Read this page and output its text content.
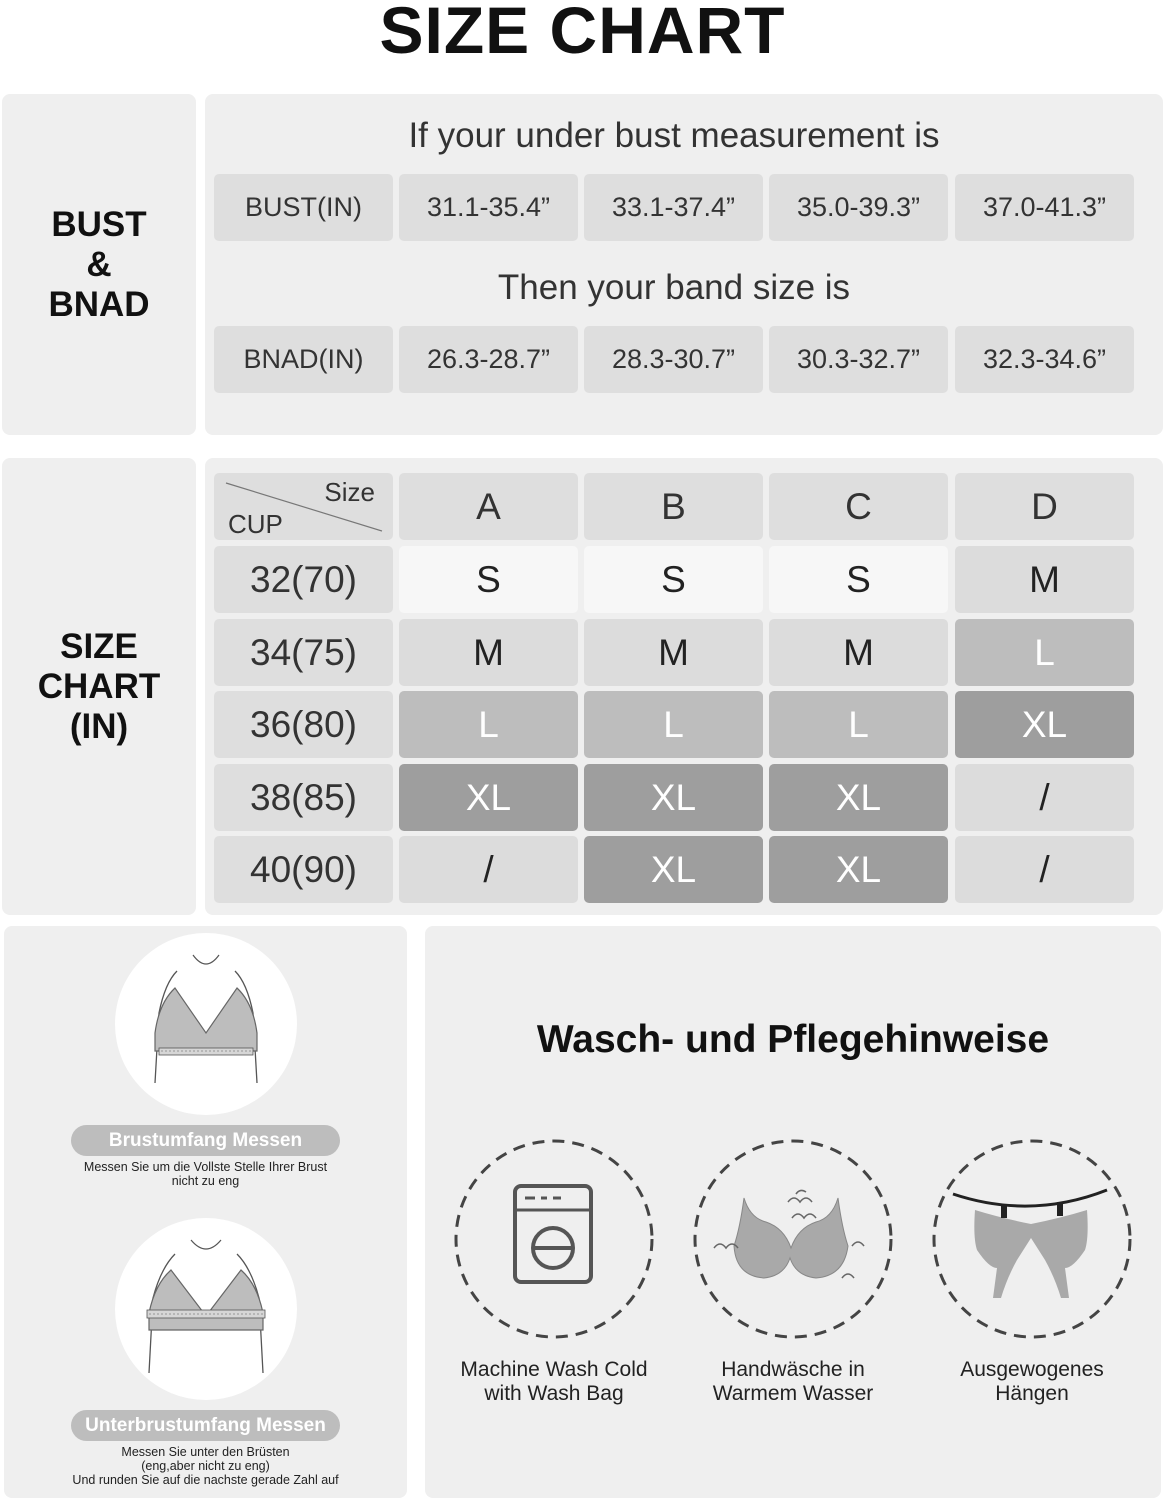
SIZE CHART
BUST
&
BNAD
If your under bust measurement is
BUST(IN)	31.1-35.4”	33.1-37.4”	35.0-39.3”	37.0-41.3”
Then your band size is
BNAD(IN)	26.3-28.7”	28.3-30.7”	30.3-32.7”	32.3-34.6”
SIZE
CHART
(IN)
Size
CUP	A	B	C	D
32(70)	S	S	S	M
34(75)	M	M	M	L
36(80)	L	L	L	XL
38(85)	XL	XL	XL	/
40(90)	/	XL	XL	/
Brustumfang Messen
Messen Sie um die Vollste Stelle Ihrer Brust
nicht zu eng
Unterbrustumfang Messen
Messen Sie unter den Brüsten
(eng,aber nicht zu eng)
Und runden Sie auf die nachste gerade Zahl auf
Wasch- und Pflegehinweise
Machine Wash Cold
with Wash Bag
Handwäsche in
Warmem Wasser
Ausgewogenes
Hängen
